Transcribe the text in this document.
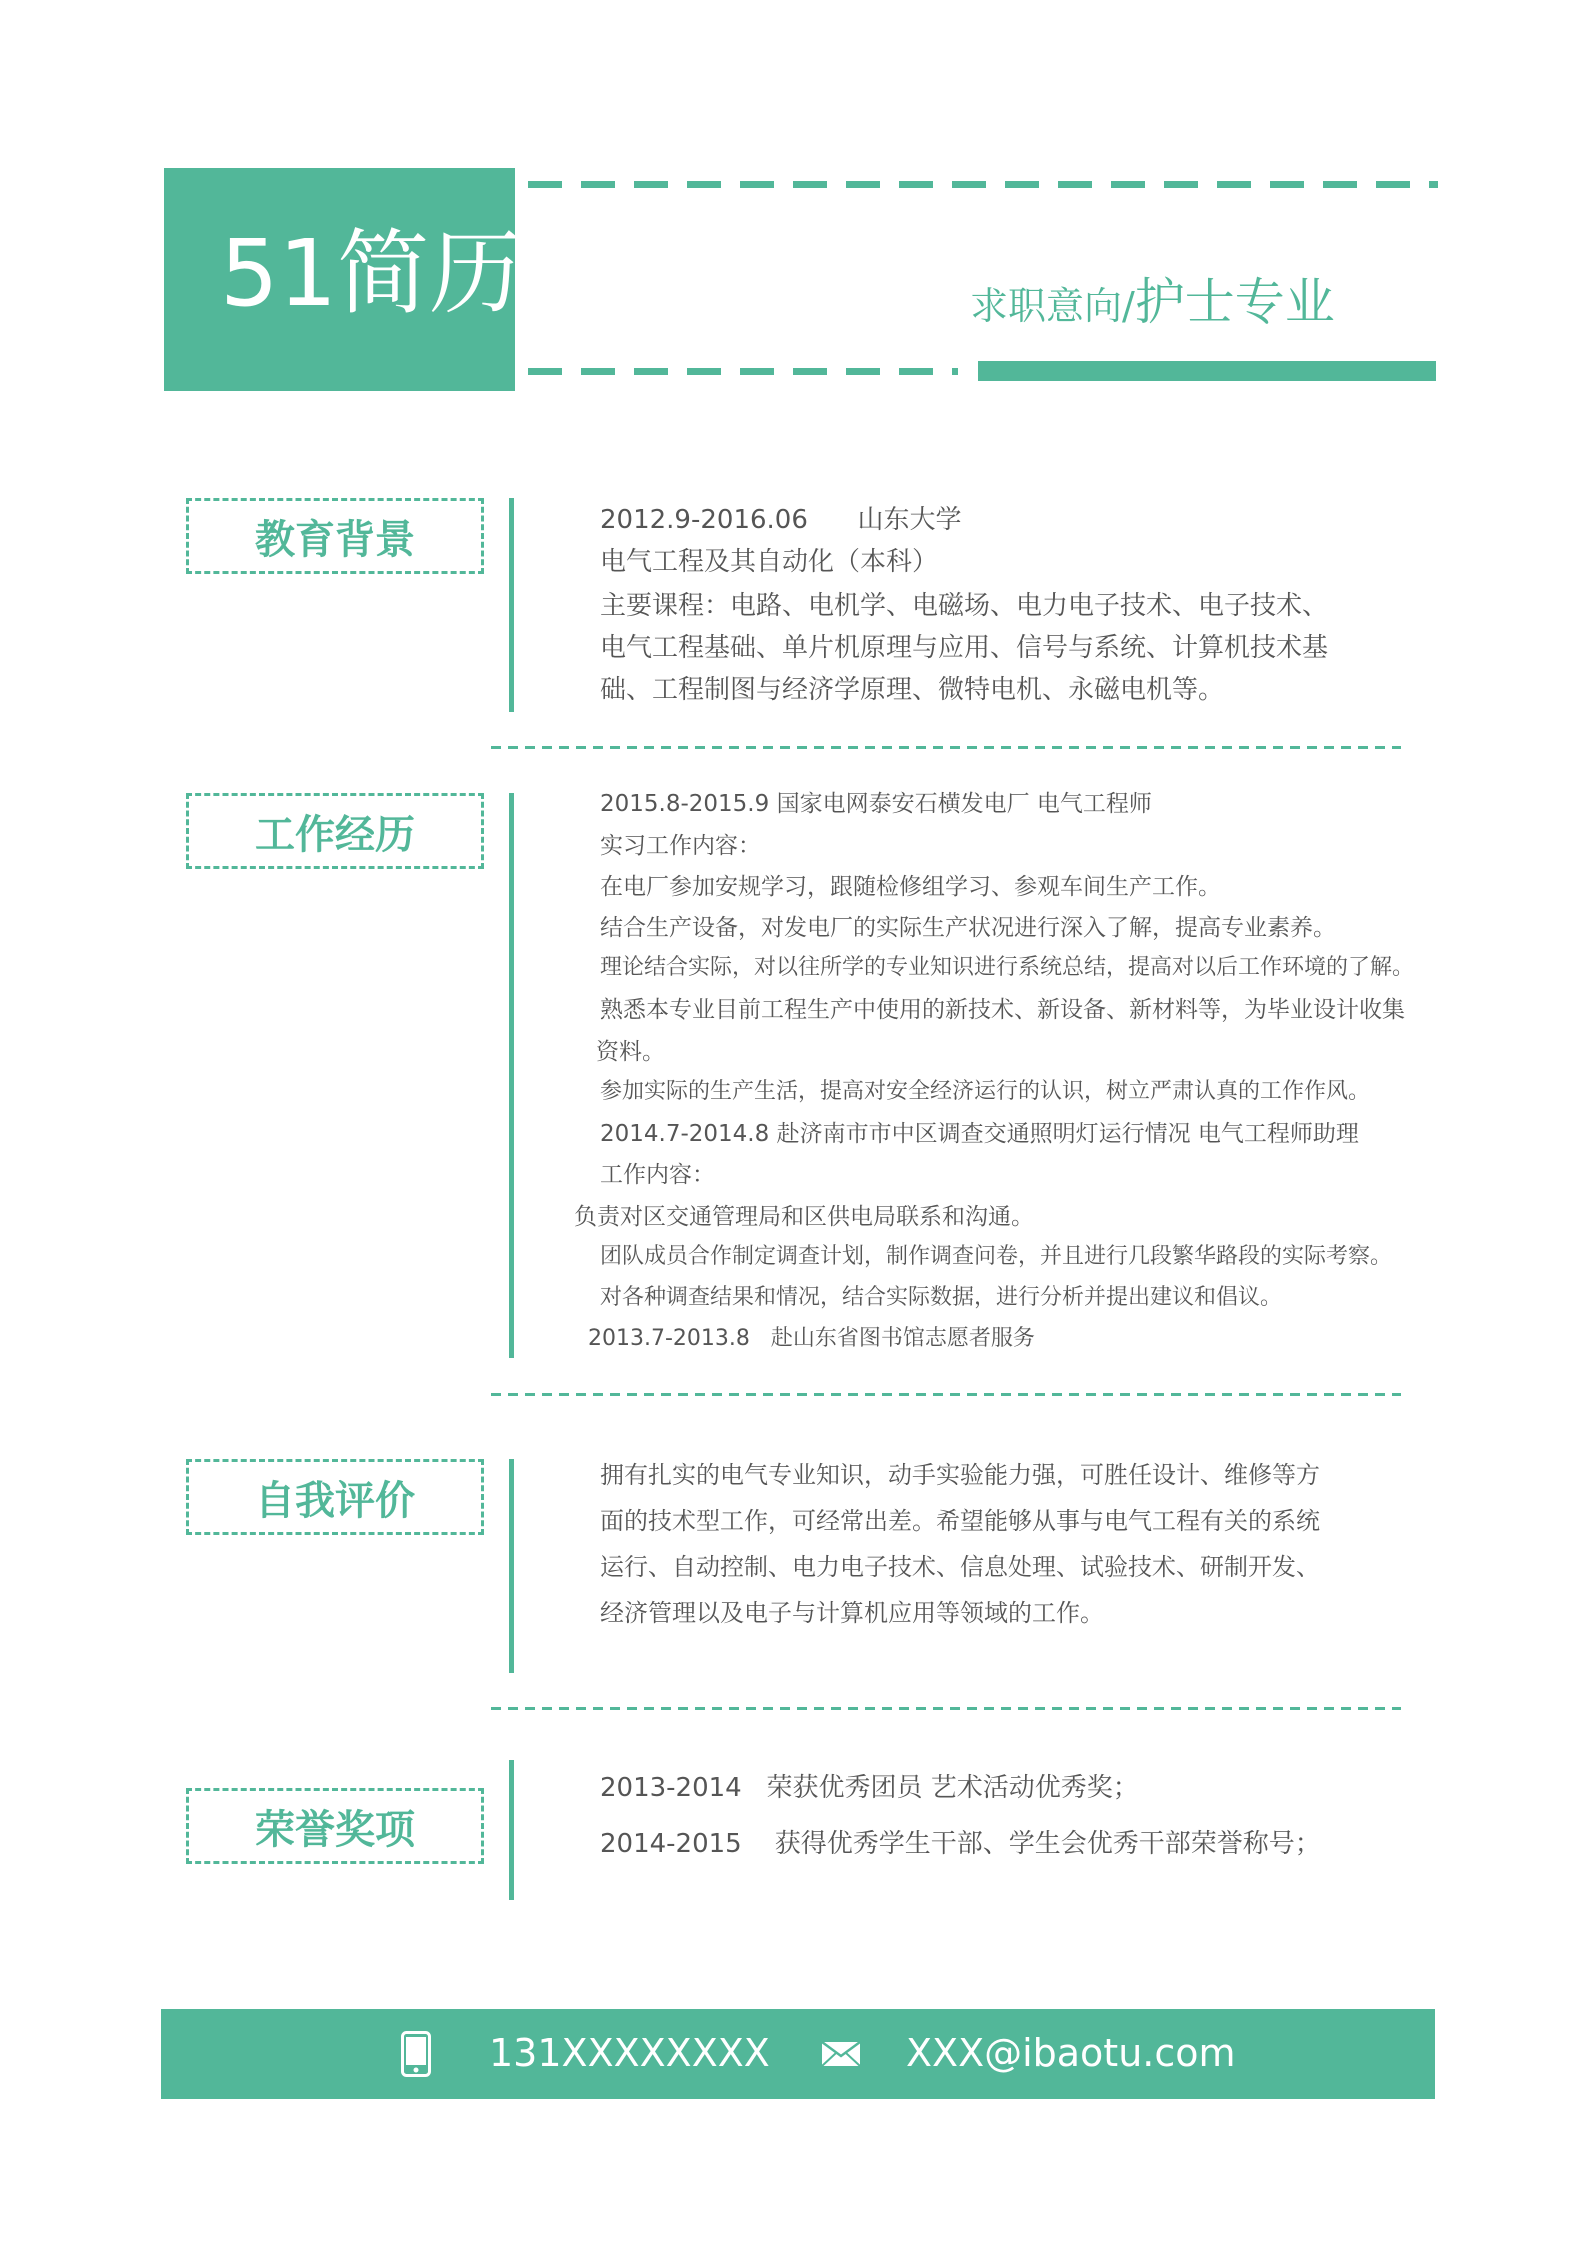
51简历模板	求职意向/护士专业
教育背景	2012.9-2016.06      山东大学
电气工程及其自动化（本科）
主要课程：电路、电机学、电磁场、电力电子技术、电子技术、
电气工程基础、单片机原理与应用、信号与系统、计算机技术基
础、工程制图与经济学原理、微特电机、永磁电机等。
工作经历
2015.8-2015.9 国家电网泰安石横发电厂 电气工程师
实习工作内容：
在电厂参加安规学习，跟随检修组学习、参观车间生产工作。
结合生产设备，对发电厂的实际生产状况进行深入了解，提高专业素养。
理论结合实际，对以往所学的专业知识进行系统总结，提高对以后工作环境的了解。
熟悉本专业目前工程生产中使用的新技术、新设备、新材料等，为毕业设计收集
资料。
参加实际的生产生活，提高对安全经济运行的认识，树立严肃认真的工作作风。
2014.7-2014.8 赴济南市市中区调查交通照明灯运行情况 电气工程师助理
工作内容：
负责对区交通管理局和区供电局联系和沟通。
团队成员合作制定调查计划，制作调查问卷，并且进行几段繁华路段的实际考察。
对各种调查结果和情况，结合实际数据，进行分析并提出建议和倡议。
2013.7-2013.8   赴山东省图书馆志愿者服务
自我评价
拥有扎实的电气专业知识，动手实验能力强，可胜任设计、维修等方
面的技术型工作，可经常出差。希望能够从事与电气工程有关的系统
运行、自动控制、电力电子技术、信息处理、试验技术、研制开发、
经济管理以及电子与计算机应用等领域的工作。
荣誉奖项
2013-2014   荣获优秀团员 艺术活动优秀奖；
2014-2015    获得优秀学生干部、学生会优秀干部荣誉称号；
131XXXXXXXX	XXX@ibaotu.com
